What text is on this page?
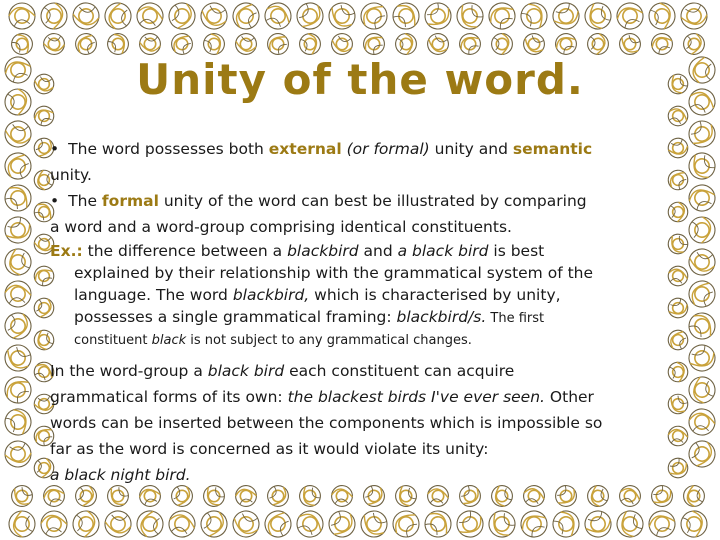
Unity of the word.

• The word possesses both external (or formal) unity and semantic

unity.

• The formal unity of the word can best be illustrated by comparing

a word and a word-group comprising identical constituents.

Ex.: the difference between a blackbird and a black bird is best
explained by their relationship with the grammatical system of the
language. The word blackbird, which is characterised by unity,
possesses a single grammatical framing: blackbird/s. The first
constituent black is not subject to any grammatical changes.

In the word-group a black bird each constituent can acquire

grammatical forms of its own: the blackest birds I've ever seen. Other

words can be inserted between the components which is impossible so

far as the word is concerned as it would violate its unity:

a black night bird.
